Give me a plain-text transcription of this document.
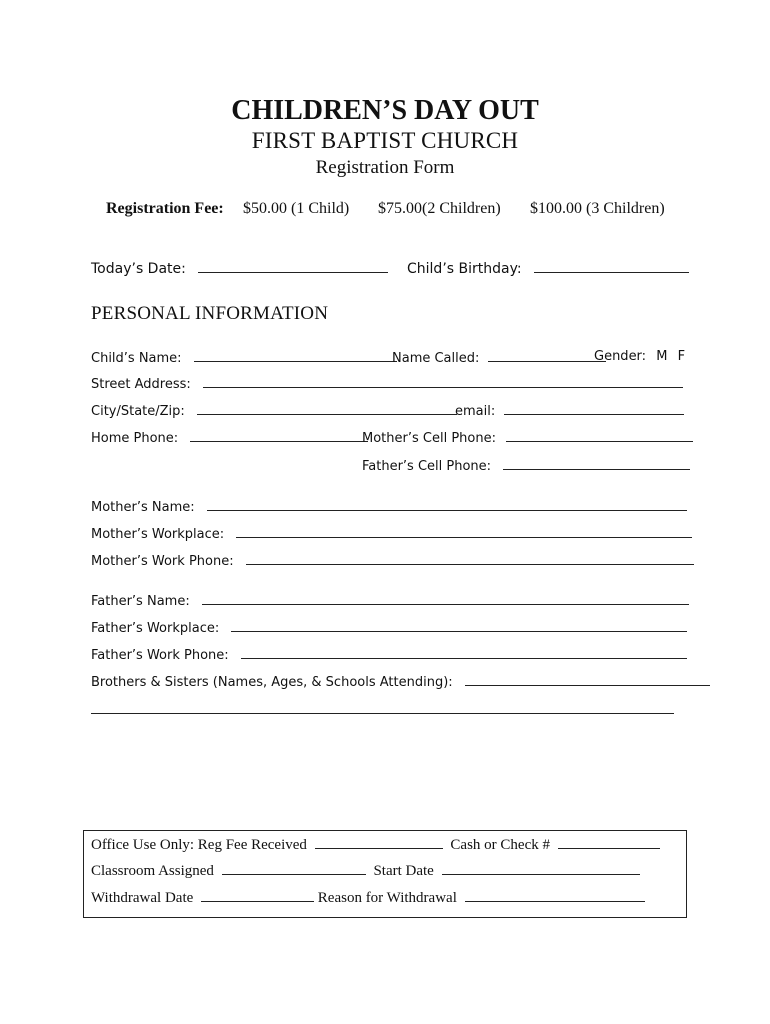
CHILDREN’S DAY OUT
FIRST BAPTIST CHURCH
Registration Form
Registration Fee: $50.00 (1 Child) $75.00(2 Children) $100.00 (3 Children)
Today’s Date:	Child’s Birthday:
PERSONAL INFORMATION
Child’s Name:	Name Called:	Gender: M F
Street Address:
City/State/Zip:	email:
Home Phone:	Mother’s Cell Phone:
Father’s Cell Phone:
Mother’s Name:
Mother’s Workplace:
Mother’s Work Phone:
Father’s Name:
Father’s Workplace:
Father’s Work Phone:
Brothers & Sisters (Names, Ages, & Schools Attending):
Office Use Only: Reg Fee Received	Cash or Check #
Classroom Assigned	Start Date
Withdrawal Date	Reason for Withdrawal
